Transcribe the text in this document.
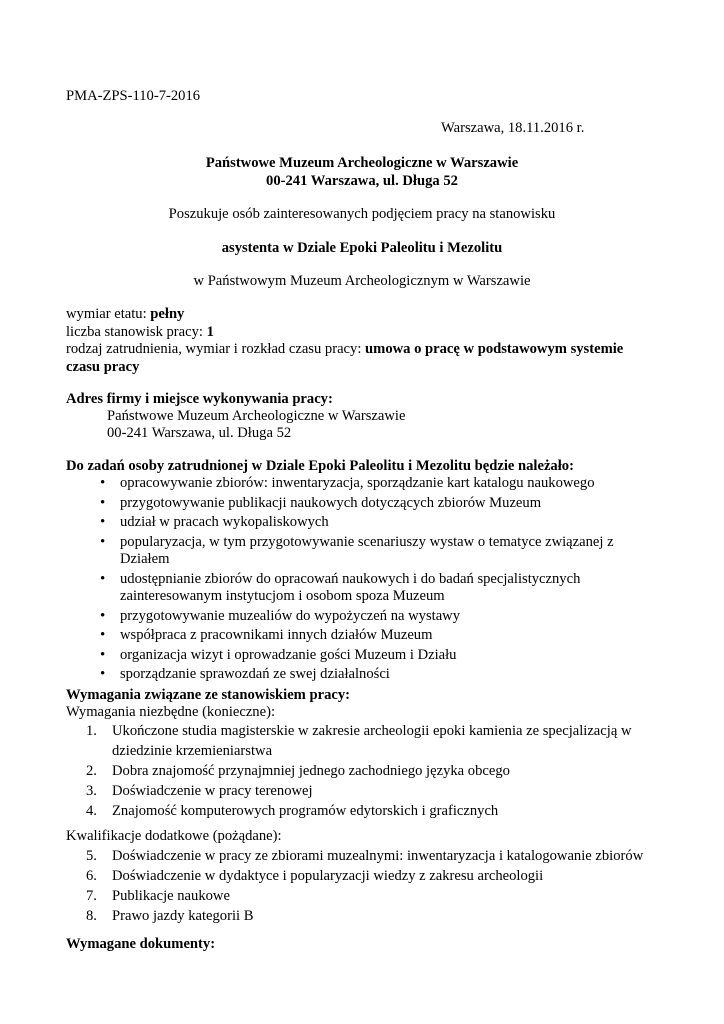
PMA-ZPS-110-7-2016

Warszawa, 18.11.2016 r.

Państwowe Muzeum Archeologiczne w Warszawie

00-241 Warszawa, ul. Długa 52

Poszukuje osób zainteresowanych podjęciem pracy na stanowisku

asystenta w Dziale Epoki Paleolitu i Mezolitu

w Państwowym Muzeum Archeologicznym w Warszawie

wymiar etatu: pełny
liczba stanowisk pracy: 1
rodzaj zatrudnienia, wymiar i rozkład czasu pracy: umowa o pracę w podstawowym systemie
czasu pracy

Adres firmy i miejsce wykonywania pracy:

Państwowe Muzeum Archeologiczne w Warszawie

00-241 Warszawa, ul. Długa 52

Do zadań osoby zatrudnionej w Dziale Epoki Paleolitu i Mezolitu będzie należało:

• opracowywanie zbiorów: inwentaryzacja, sporządzanie kart katalogu naukowego
• przygotowywanie publikacji naukowych dotyczących zbiorów Muzeum
• udział w pracach wykopaliskowych
• popularyzacja, w tym przygotowywanie scenariuszy wystaw o tematyce związanej z
Działem
• udostępnianie zbiorów do opracowań naukowych i do badań specjalistycznych
zainteresowanym instytucjom i osobom spoza Muzeum
• przygotowywanie muzealiów do wypożyczeń na wystawy
• współpraca z pracownikami innych działów Muzeum
• organizacja wizyt i oprowadzanie gości Muzeum i Działu
• sporządzanie sprawozdań ze swej działalności

Wymagania związane ze stanowiskiem pracy:

Wymagania niezbędne (konieczne):

1. Ukończone studia magisterskie w zakresie archeologii epoki kamienia ze specjalizacją w
dziedzinie krzemieniarstwa
2. Dobra znajomość przynajmniej jednego zachodniego języka obcego
3. Doświadczenie w pracy terenowej
4. Znajomość komputerowych programów edytorskich i graficznych

Kwalifikacje dodatkowe (pożądane):

5. Doświadczenie w pracy ze zbiorami muzealnymi: inwentaryzacja i katalogowanie zbiorów
6. Doświadczenie w dydaktyce i popularyzacji wiedzy z zakresu archeologii
7. Publikacje naukowe
8. Prawo jazdy kategorii B

Wymagane dokumenty:
